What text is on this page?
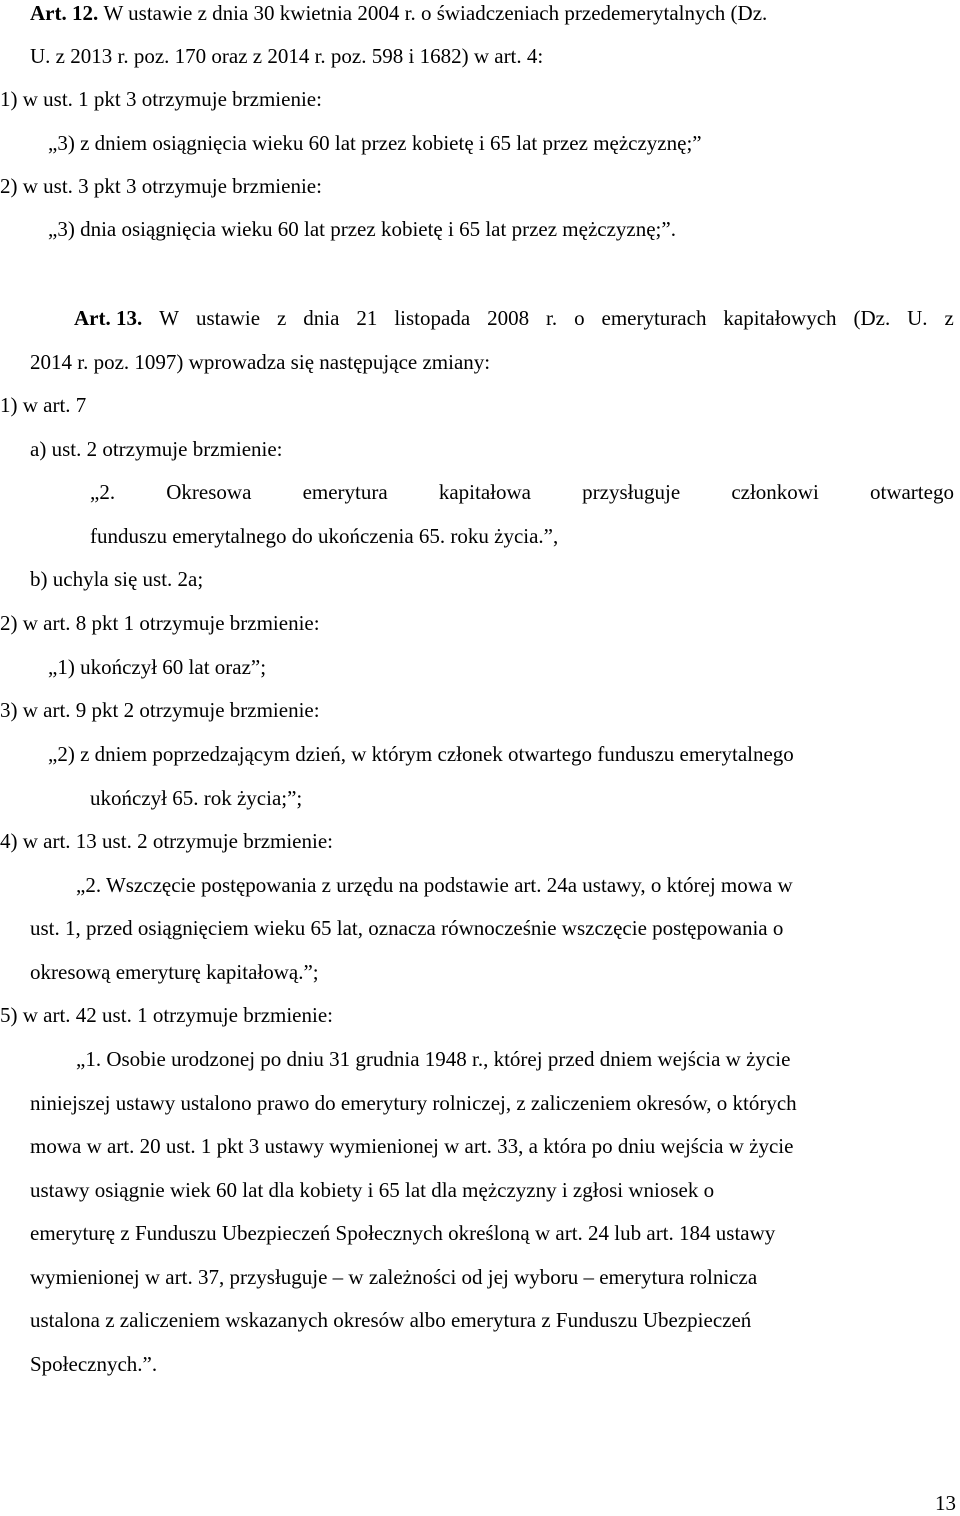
Art. 12. W ustawie z dnia 30 kwietnia 2004 r. o świadczeniach przedemerytalnych (Dz.
U. z 2013 r. poz. 170 oraz z 2014 r. poz. 598 i 1682) w art. 4:
1) w ust. 1 pkt 3 otrzymuje brzmienie:
„3) z dniem osiągnięcia wieku 60 lat przez kobietę i 65 lat przez mężczyznę;”
2) w ust. 3 pkt 3 otrzymuje brzmienie:
„3) dnia osiągnięcia wieku 60 lat przez kobietę i 65 lat przez mężczyznę;”.
Art. 13. W ustawie z dnia 21 listopada 2008 r. o emeryturach kapitałowych (Dz. U. z
2014 r. poz. 1097) wprowadza się następujące zmiany:
1) w art. 7
a) ust. 2 otrzymuje brzmienie:
„2. Okresowa emerytura kapitałowa przysługuje członkowi otwartego
funduszu emerytalnego do ukończenia 65. roku życia.”,
b) uchyla się ust. 2a;
2) w art. 8 pkt 1 otrzymuje brzmienie:
„1) ukończył 60 lat oraz”;
3) w art. 9 pkt 2 otrzymuje brzmienie:
„2) z dniem poprzedzającym dzień, w którym członek otwartego funduszu emerytalnego
ukończył 65. rok życia;”;
4) w art. 13 ust. 2 otrzymuje brzmienie:
„2. Wszczęcie postępowania z urzędu na podstawie art. 24a ustawy, o której mowa w
ust. 1, przed osiągnięciem wieku 65 lat, oznacza równocześnie wszczęcie postępowania o
okresową emeryturę kapitałową.”;
5) w art. 42 ust. 1 otrzymuje brzmienie:
„1. Osobie urodzonej po dniu 31 grudnia 1948 r., której przed dniem wejścia w życie
niniejszej ustawy ustalono prawo do emerytury rolniczej, z zaliczeniem okresów, o których
mowa w art. 20 ust. 1 pkt 3 ustawy wymienionej w art. 33, a która po dniu wejścia w życie
ustawy osiągnie wiek 60 lat dla kobiety i 65 lat dla mężczyzny i zgłosi wniosek o
emeryturę z Funduszu Ubezpieczeń Społecznych określoną w art. 24 lub art. 184 ustawy
wymienionej w art. 37, przysługuje – w zależności od jej wyboru – emerytura rolnicza
ustalona z zaliczeniem wskazanych okresów albo emerytura z Funduszu Ubezpieczeń
Społecznych.”.
13
